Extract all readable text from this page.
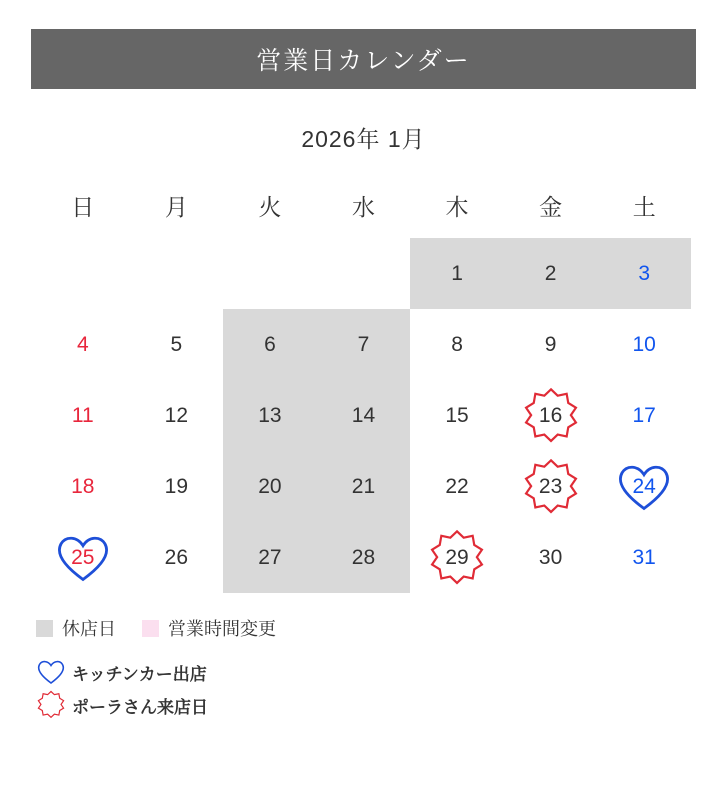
営業日カレンダー
2026年 1月
日	月	火	水	木	金	土
				1	2	3
4	5	6	7	8	9	10
11	12	13	14	15	16	17
18	19	20	21	22	23	24

25	26	27	28	29	30	31
休店日	営業時間変更
キッチンカー出店
ポーラさん来店日
